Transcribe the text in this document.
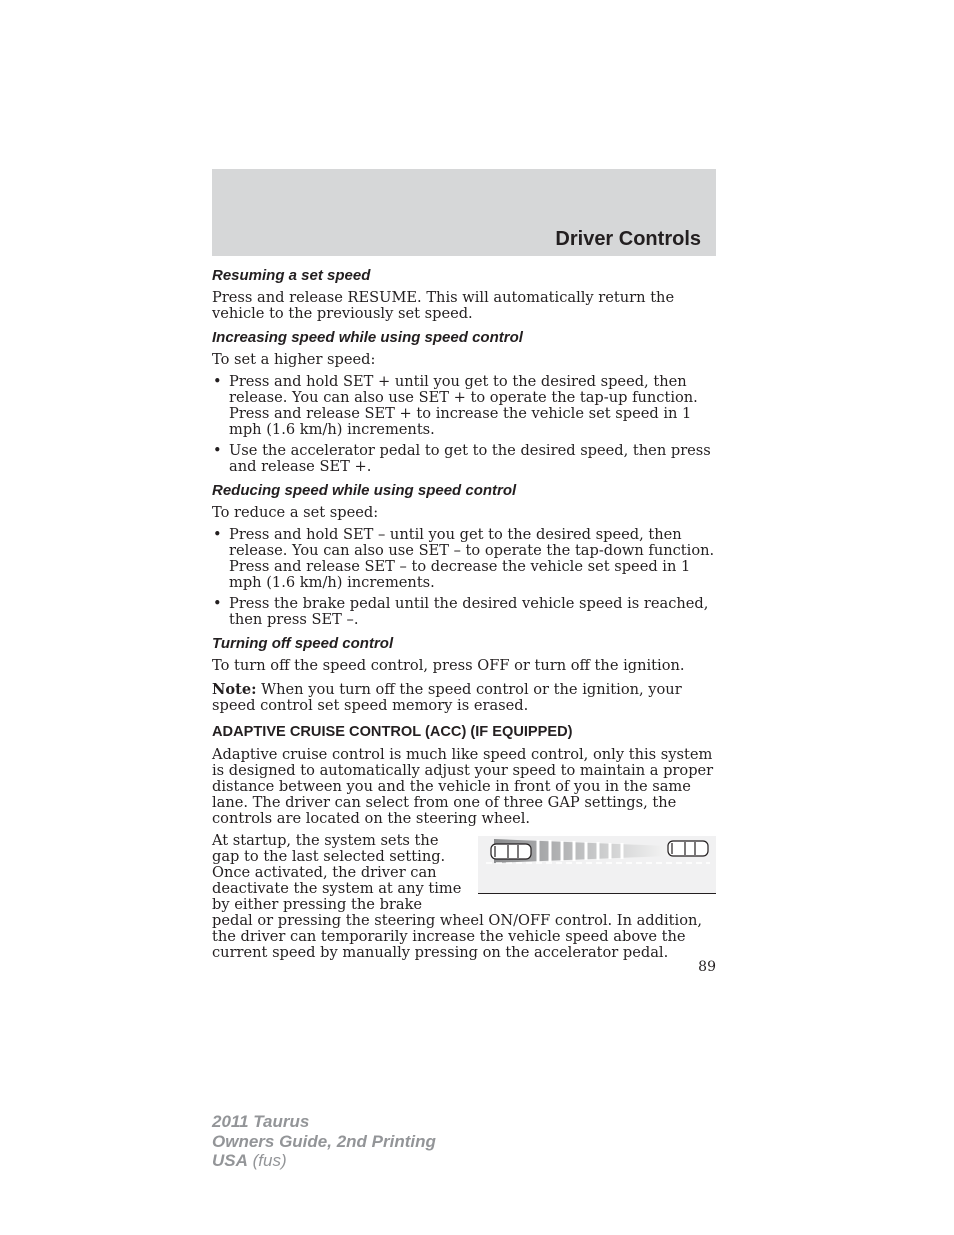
Driver Controls
Resuming a set speed

Press and release RESUME. This will automatically return the vehicle to the previously set speed.

Increasing speed while using speed control

To set a higher speed:

• Press and hold SET + until you get to the desired speed, then release. You can also use SET + to operate the tap-up function. Press and release SET + to increase the vehicle set speed in 1 mph (1.6 km/h) increments.
• Use the accelerator pedal to get to the desired speed, then press and release SET +.
Reducing speed while using speed control

To reduce a set speed:

• Press and hold SET – until you get to the desired speed, then release. You can also use SET – to operate the tap-down function. Press and release SET – to decrease the vehicle set speed in 1 mph (1.6 km/h) increments.
• Press the brake pedal until the desired vehicle speed is reached, then press SET –.
Turning off speed control

To turn off the speed control, press OFF or turn off the ignition.

Note: When you turn off the speed control or the ignition, your speed control set speed memory is erased.

ADAPTIVE CRUISE CONTROL (ACC) (IF EQUIPPED)

Adaptive cruise control is much like speed control, only this system is designed to automatically adjust your speed to maintain a proper distance between you and the vehicle in front of you in the same lane. The driver can select from one of three GAP settings, the controls are located on the steering wheel.

At startup, the system sets the gap to the last selected setting. Once activated, the driver can deactivate the system at any time by either pressing the brake pedal or pressing the steering wheel ON/OFF control. In addition, the driver can temporarily increase the vehicle speed above the current speed by manually pressing on the accelerator pedal.

89
2011 Taurus
Owners Guide, 2nd Printing
USA (fus)
